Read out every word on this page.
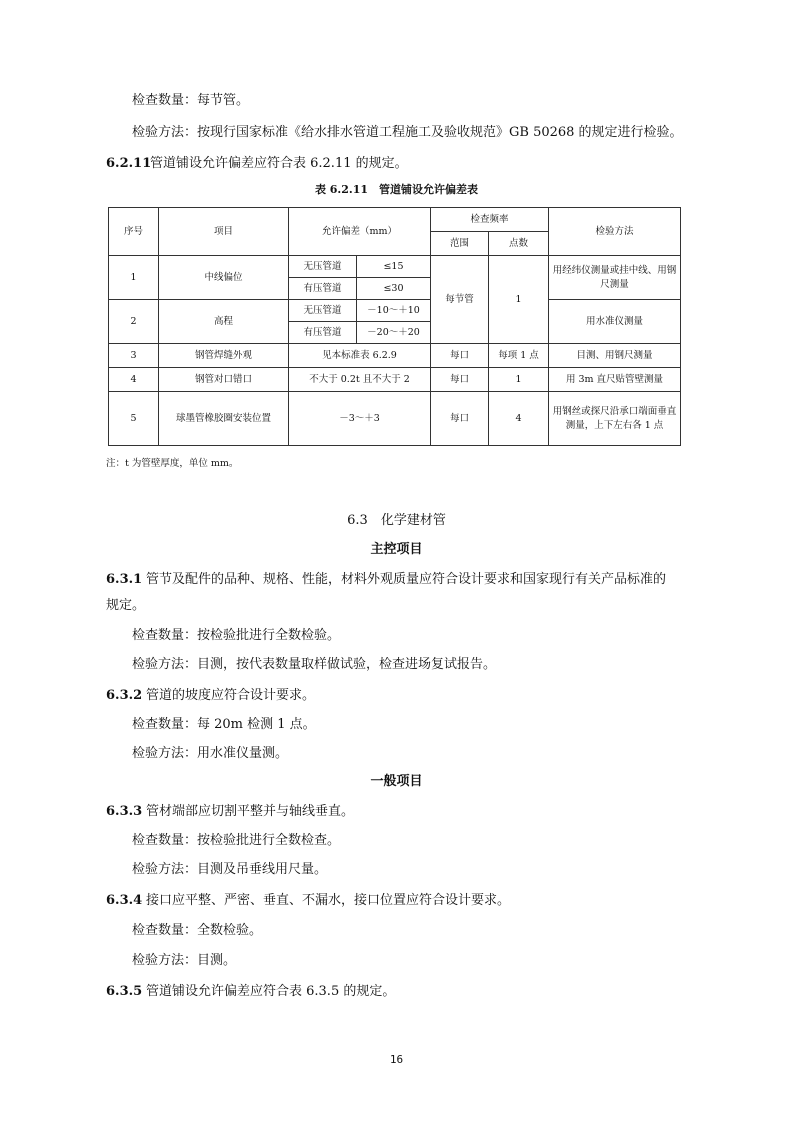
检查数量：每节管。
检验方法：按现行国家标准《给水排水管道工程施工及验收规范》GB 50268 的规定进行检验。
6.2.11
管道铺设允许偏差应符合表 6.2.11 的规定。
表 6.2.11　管道铺设允许偏差表
序号	项目	允许偏差（mm）		检查频率		检验方法
				范围	点数	
1	中线偏位	无压管道	≤15	每节管	1	用经纬仪测量或挂中线、用钢尺测量
		有压管道	≤30			
2	高程	无压管道	－10～＋10			用水准仪测量
		有压管道	－20～＋20			
3	钢管焊缝外观	见本标准表 6.2.9		每口	每项 1 点	目测、用钢尺测量
4	钢管对口错口	不大于 0.2t 且不大于 2		每口	1	用 3m 直尺贴管壁测量
5	球墨管橡胶圈安装位置	－3～＋3		每口	4	用钢丝或探尺沿承口端面垂直测量，上下左右各 1 点
注：t 为管壁厚度，单位 mm。
6.3　化学建材管
主控项目
6.3.1 管节及配件的品种、规格、性能，材料外观质量应符合设计要求和国家现行有关产品标准的
规定。
检查数量：按检验批进行全数检验。
检验方法：目测，按代表数量取样做试验，检查进场复试报告。
6.3.2 管道的坡度应符合设计要求。
检查数量：每 20m 检测 1 点。
检验方法：用水准仪量测。
一般项目
6.3.3 管材端部应切割平整并与轴线垂直。
检查数量：按检验批进行全数检查。
检验方法：目测及吊垂线用尺量。
6.3.4 接口应平整、严密、垂直、不漏水，接口位置应符合设计要求。
检查数量：全数检验。
检验方法：目测。
6.3.5 管道铺设允许偏差应符合表 6.3.5 的规定。
16
